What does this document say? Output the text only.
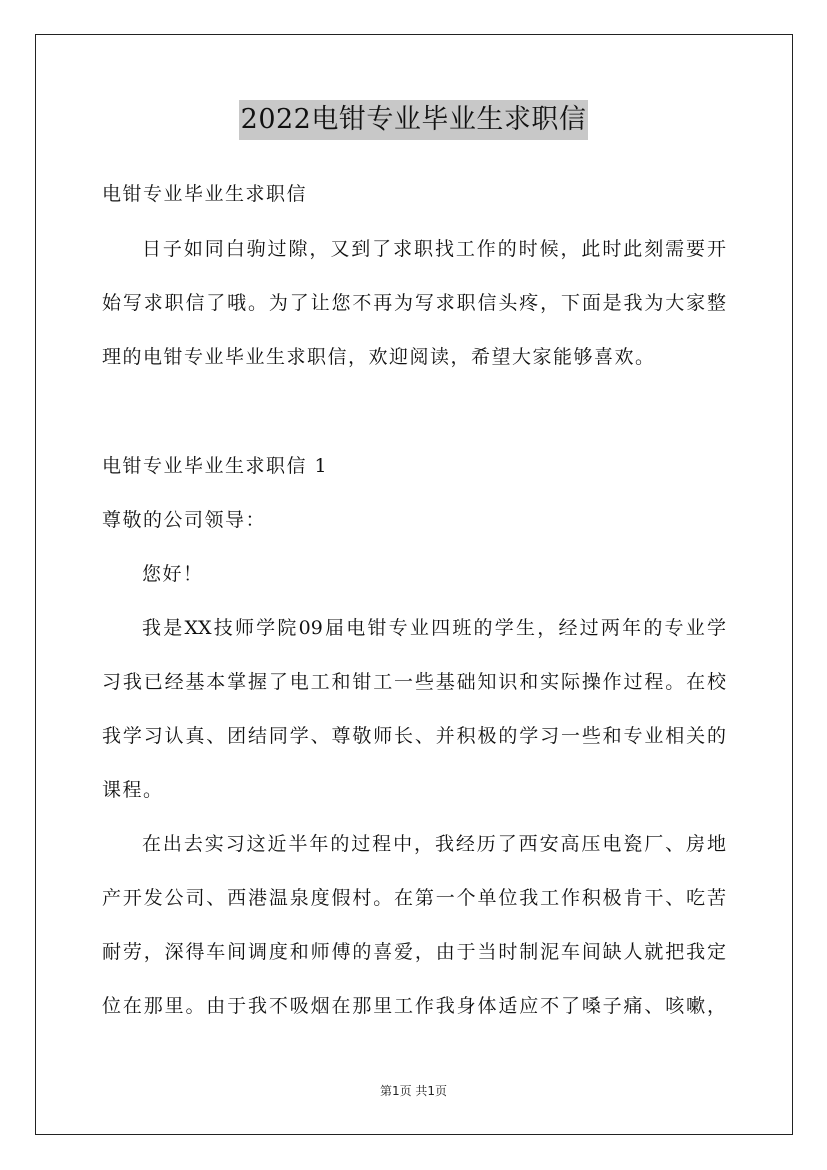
2022电钳专业毕业生求职信
电钳专业毕业生求职信
日子如同白驹过隙，又到了求职找工作的时候，此时此刻需要开
始写求职信了哦。为了让您不再为写求职信头疼，下面是我为大家整
理的电钳专业毕业生求职信，欢迎阅读，希望大家能够喜欢。
电钳专业毕业生求职信 1
尊敬的公司领导：
您好！
我是XX技师学院09届电钳专业四班的学生，经过两年的专业学
习我已经基本掌握了电工和钳工一些基础知识和实际操作过程。在校
我学习认真、团结同学、尊敬师长、并积极的学习一些和专业相关的
课程。
在出去实习这近半年的过程中，我经历了西安高压电瓷厂、房地
产开发公司、西港温泉度假村。在第一个单位我工作积极肯干、吃苦
耐劳，深得车间调度和师傅的喜爱，由于当时制泥车间缺人就把我定
位在那里。由于我不吸烟在那里工作我身体适应不了嗓子痛、咳嗽，
第1页 共1页
